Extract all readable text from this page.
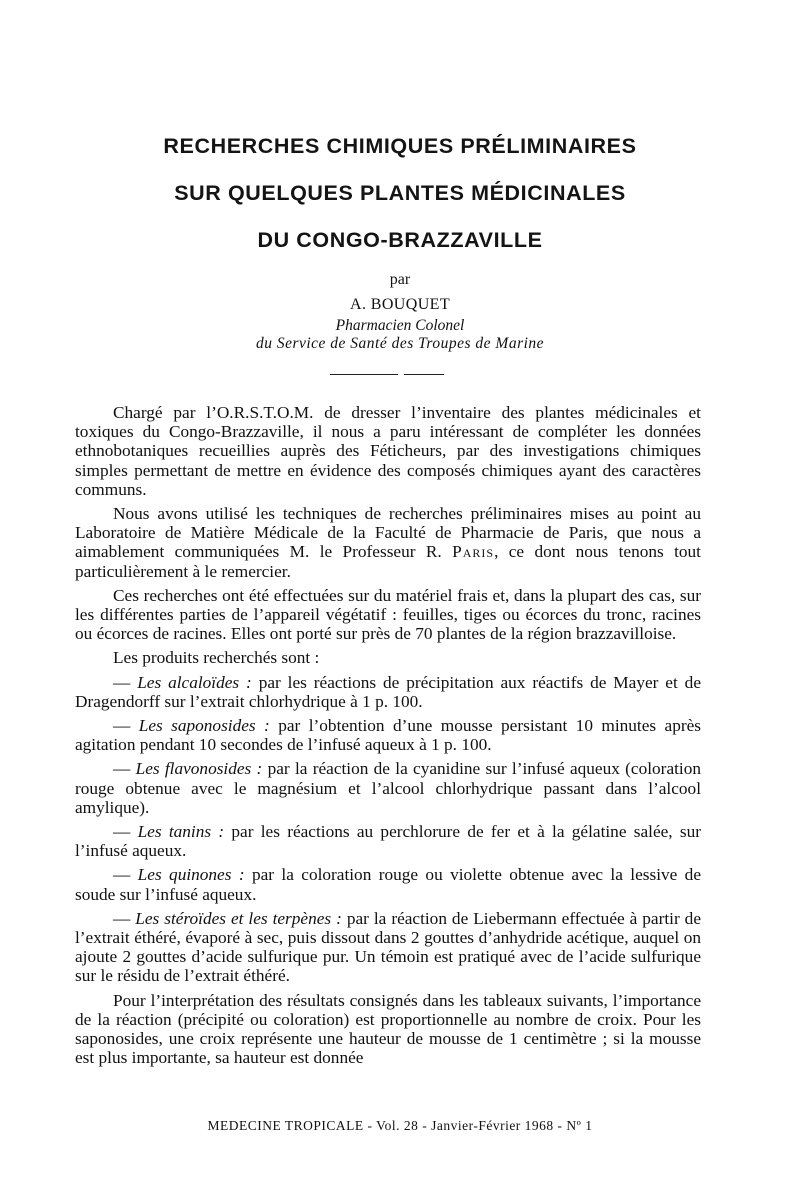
RECHERCHES CHIMIQUES PRÉLIMINAIRES
SUR QUELQUES PLANTES MÉDICINALES
DU CONGO-BRAZZAVILLE
par
A. BOUQUET
Pharmacien Colonel
du Service de Santé des Troupes de Marine

Chargé par l’O.R.S.T.O.M. de dresser l’inventaire des plantes médicinales et toxiques du Congo-Brazzaville, il nous a paru intéressant de compléter les données ethnobotaniques recueillies auprès des Féticheurs, par des investigations chimiques simples permettant de mettre en évidence des composés chimiques ayant des caractères communs.

Nous avons utilisé les techniques de recherches préliminaires mises au point au Laboratoire de Matière Médicale de la Faculté de Pharmacie de Paris, que nous a aimablement communiquées M. le Professeur R. Paris, ce dont nous tenons tout particulièrement à le remercier.

Ces recherches ont été effectuées sur du matériel frais et, dans la plupart des cas, sur les différentes parties de l’appareil végétatif : feuilles, tiges ou écorces du tronc, racines ou écorces de racines. Elles ont porté sur près de 70 plantes de la région brazzavilloise.

Les produits recherchés sont :

— Les alcaloïdes : par les réactions de précipitation aux réactifs de Mayer et de Dragendorff sur l’extrait chlorhydrique à 1 p. 100.

— Les saponosides : par l’obtention d’une mousse persistant 10 minutes après agitation pendant 10 secondes de l’infusé aqueux à 1 p. 100.

— Les flavonosides : par la réaction de la cyanidine sur l’infusé aqueux (coloration rouge obtenue avec le magnésium et l’alcool chlorhydrique passant dans l’alcool amylique).

— Les tanins : par les réactions au perchlorure de fer et à la gélatine salée, sur l’infusé aqueux.

— Les quinones : par la coloration rouge ou violette obtenue avec la lessive de soude sur l’infusé aqueux.

— Les stéroïdes et les terpènes : par la réaction de Liebermann effectuée à partir de l’extrait éthéré, évaporé à sec, puis dissout dans 2 gouttes d’anhydride acétique, auquel on ajoute 2 gouttes d’acide sulfurique pur. Un témoin est pratiqué avec de l’acide sulfurique sur le résidu de l’extrait éthéré.

Pour l’interprétation des résultats consignés dans les tableaux suivants, l’importance de la réaction (précipité ou coloration) est proportionnelle au nombre de croix. Pour les saponosides, une croix représente une hauteur de mousse de 1 centimètre ; si la mousse est plus importante, sa hauteur est donnée

MEDECINE TROPICALE - Vol. 28 - Janvier-Février 1968 - Nº 1
